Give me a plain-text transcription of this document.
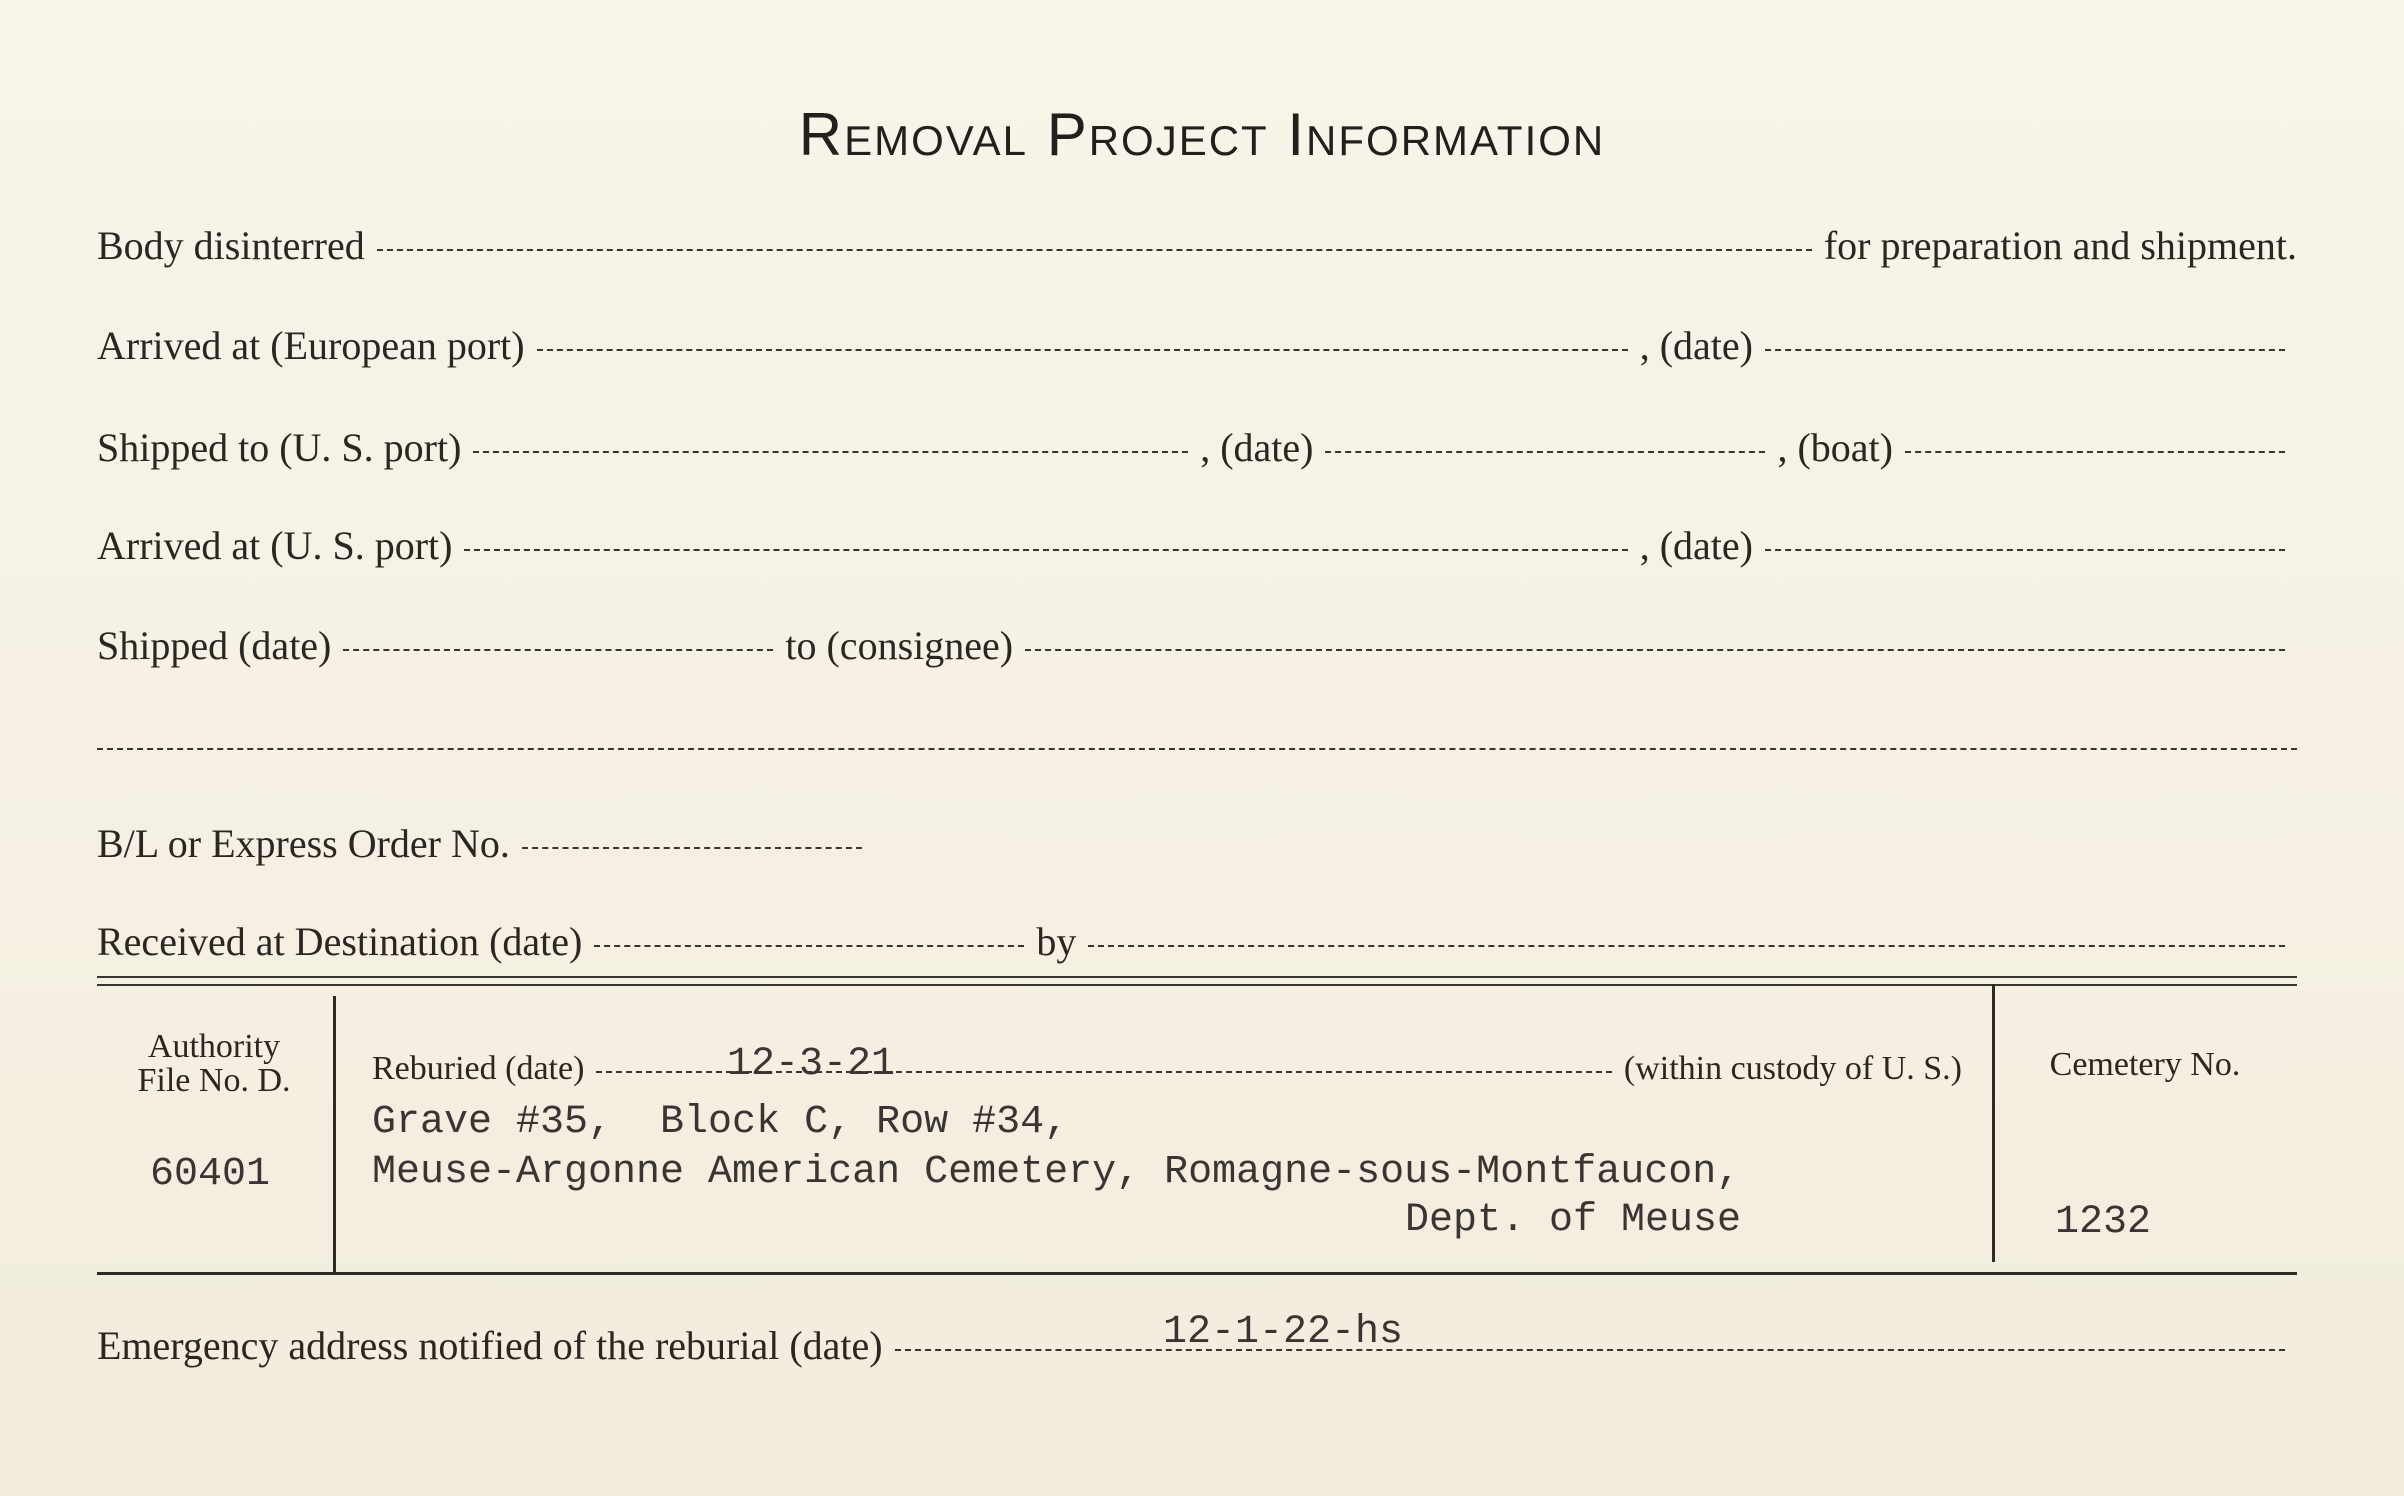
Removal Project Information
Body disinterred	for preparation and shipment.
Arrived at (European port)	, (date)
Shipped to (U. S. port)	, (date)	, (boat)
Arrived at (U. S. port)	, (date)
Shipped (date)	to (consignee)
B/L or Express Order No.
Received at Destination (date)	by
Authority
File No. D.
60401
Reburied (date)	(within custody of U. S.)
12-3-21
Grave #35,  Block C, Row #34,
Meuse-Argonne American Cemetery, Romagne-sous-Montfaucon,
Dept. of Meuse
Cemetery No.
1232
Emergency address notified of the reburial (date)	12-1-22-hs
